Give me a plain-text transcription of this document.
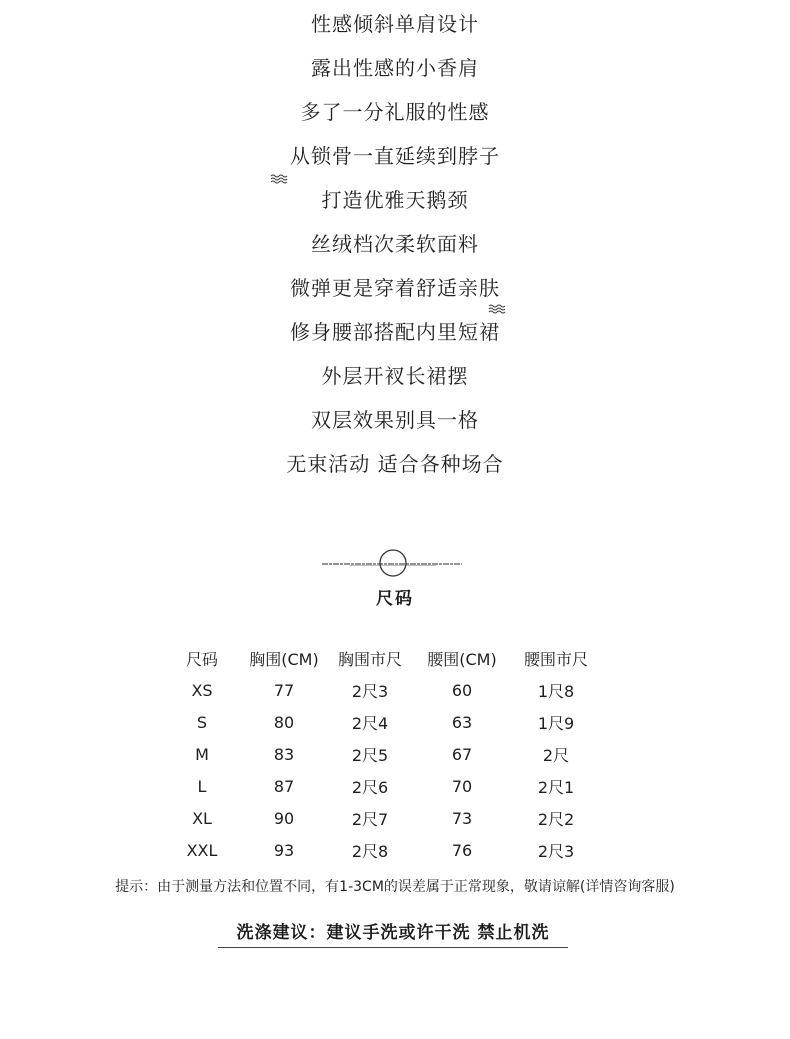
性感倾斜单肩设计
露出性感的小香肩
多了一分礼服的性感
从锁骨一直延续到脖子
打造优雅天鹅颈
丝绒档次柔软面料
微弹更是穿着舒适亲肤
修身腰部搭配内里短裙
外层开衩长裙摆
双层效果别具一格
无束活动 适合各种场合
尺码
尺码	胸围(CM)	胸围市尺	腰围(CM)	腰围市尺
XS	77	2尺3	60	1尺8
S	80	2尺4	63	1尺9
M	83	2尺5	67	2尺
L	87	2尺6	70	2尺1
XL	90	2尺7	73	2尺2
XXL	93	2尺8	76	2尺3
提示：由于测量方法和位置不同，有1-3CM的误差属于正常现象，敬请谅解(详情咨询客服)
洗涤建议：建议手洗或许干洗 禁止机洗
